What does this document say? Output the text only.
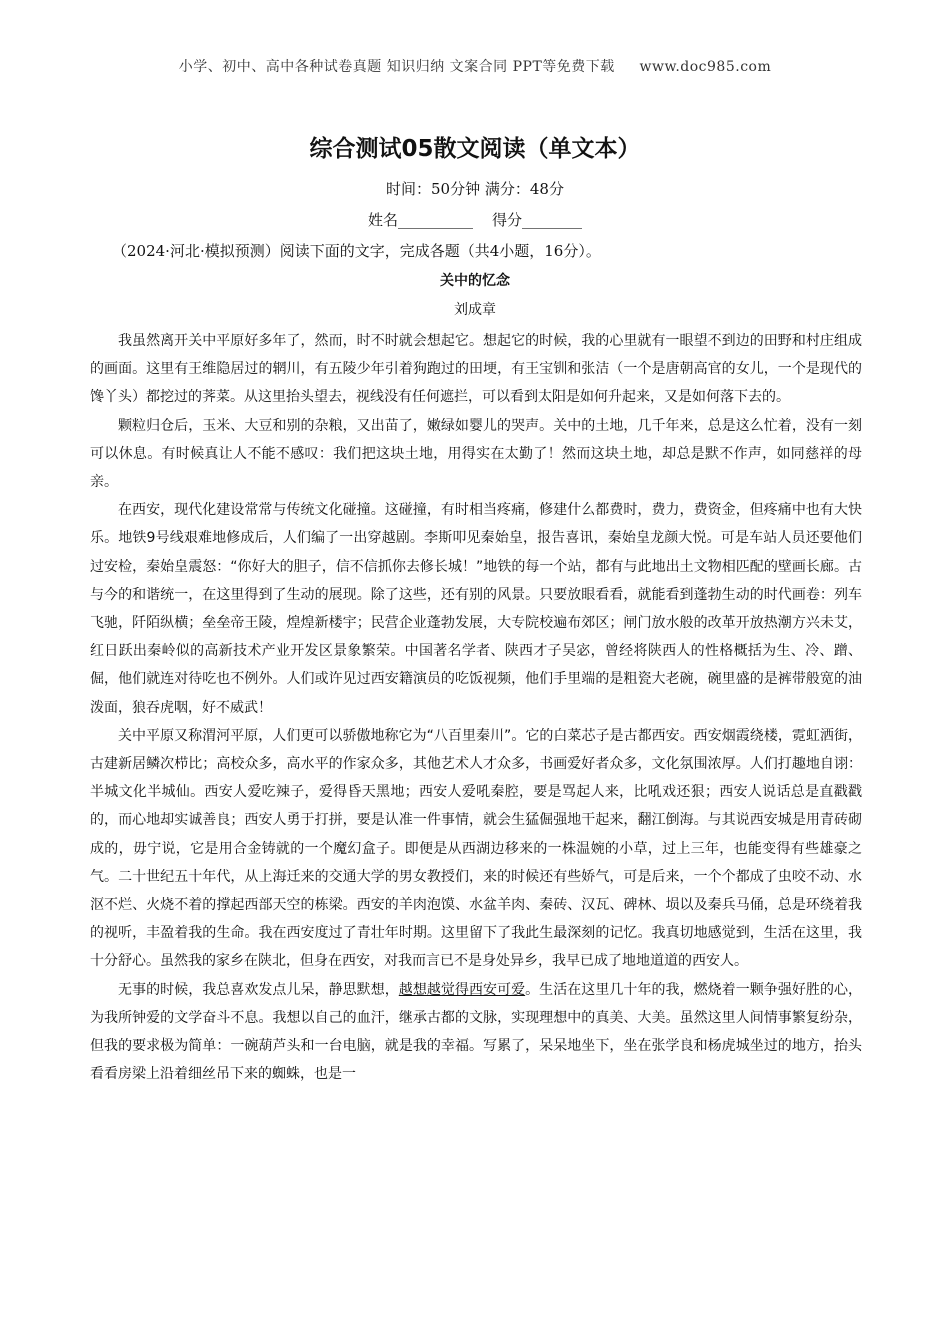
小学、初中、高中各种试卷真题 知识归纳 文案合同 PPT等免费下载 www.doc985.com
综合测试05散文阅读（单文本）
时间：50分钟 满分：48分
姓名__________ 得分________
（2024·河北·模拟预测）阅读下面的文字，完成各题（共4小题，16分）。
关中的忆念
刘成章

我虽然离开关中平原好多年了，然而，时不时就会想起它。想起它的时候，我的心里就有一眼望不到边的田野和村庄组成的画面。这里有王维隐居过的辋川，有五陵少年引着狗跑过的田埂，有王宝钏和张洁（一个是唐朝高官的女儿，一个是现代的馋丫头）都挖过的荠菜。从这里抬头望去，视线没有任何遮拦，可以看到太阳是如何升起来，又是如何落下去的。

颗粒归仓后，玉米、大豆和别的杂粮，又出苗了，嫩绿如婴儿的哭声。关中的土地，几千年来，总是这么忙着，没有一刻可以休息。有时候真让人不能不感叹：我们把这块土地，用得实在太勤了！然而这块土地，却总是默不作声，如同慈祥的母亲。

在西安，现代化建设常常与传统文化碰撞。这碰撞，有时相当疼痛，修建什么都费时，费力，费资金，但疼痛中也有大快乐。地铁9号线艰难地修成后，人们编了一出穿越剧。李斯叩见秦始皇，报告喜讯，秦始皇龙颜大悦。可是车站人员还要他们过安检，秦始皇震怒：“你好大的胆子，信不信抓你去修长城！”地铁的每一个站，都有与此地出土文物相匹配的壁画长廊。古与今的和谐统一，在这里得到了生动的展现。除了这些，还有别的风景。只要放眼看看，就能看到蓬勃生动的时代画卷：列车飞驰，阡陌纵横；垒垒帝王陵，煌煌新楼宇；民营企业蓬勃发展，大专院校遍布郊区；闸门放水般的改革开放热潮方兴未艾，红日跃出秦岭似的高新技术产业开发区景象繁荣。中国著名学者、陕西才子吴宓，曾经将陕西人的性格概括为生、冷、蹭、倔，他们就连对待吃也不例外。人们或许见过西安籍演员的吃饭视频，他们手里端的是粗瓷大老碗，碗里盛的是裤带般宽的油泼面，狼吞虎咽，好不威武！

关中平原又称渭河平原，人们更可以骄傲地称它为“八百里秦川”。它的白菜芯子是古都西安。西安烟霞绕楼，霓虹洒街，古建新居鳞次栉比；高校众多，高水平的作家众多，其他艺术人才众多，书画爱好者众多，文化氛围浓厚。人们打趣地自诩：半城文化半城仙。西安人爱吃辣子，爱得昏天黑地；西安人爱吼秦腔，要是骂起人来，比吼戏还狠；西安人说话总是直戳戳的，而心地却实诚善良；西安人勇于打拼，要是认准一件事情，就会生猛倔强地干起来，翻江倒海。与其说西安城是用青砖砌成的，毋宁说，它是用合金铸就的一个魔幻盒子。即便是从西湖边移来的一株温婉的小草，过上三年，也能变得有些雄豪之气。二十世纪五十年代，从上海迁来的交通大学的男女教授们，来的时候还有些娇气，可是后来，一个个都成了虫咬不动、水沤不烂、火烧不着的撑起西部天空的栋梁。西安的羊肉泡馍、水盆羊肉、秦砖、汉瓦、碑林、埙以及秦兵马俑，总是环绕着我的视听，丰盈着我的生命。我在西安度过了青壮年时期。这里留下了我此生最深刻的记忆。我真切地感觉到，生活在这里，我十分舒心。虽然我的家乡在陕北，但身在西安，对我而言已不是身处异乡，我早已成了地地道道的西安人。

无事的时候，我总喜欢发点儿呆，静思默想，越想越觉得西安可爱。生活在这里几十年的我，燃烧着一颗争强好胜的心，为我所钟爱的文学奋斗不息。我想以自己的血汗，继承古都的文脉，实现理想中的真美、大美。虽然这里人间情事繁复纷杂，但我的要求极为简单：一碗葫芦头和一台电脑，就是我的幸福。写累了，呆呆地坐下，坐在张学良和杨虎城坐过的地方，抬头看看房梁上沿着细丝吊下来的蜘蛛，也是一
